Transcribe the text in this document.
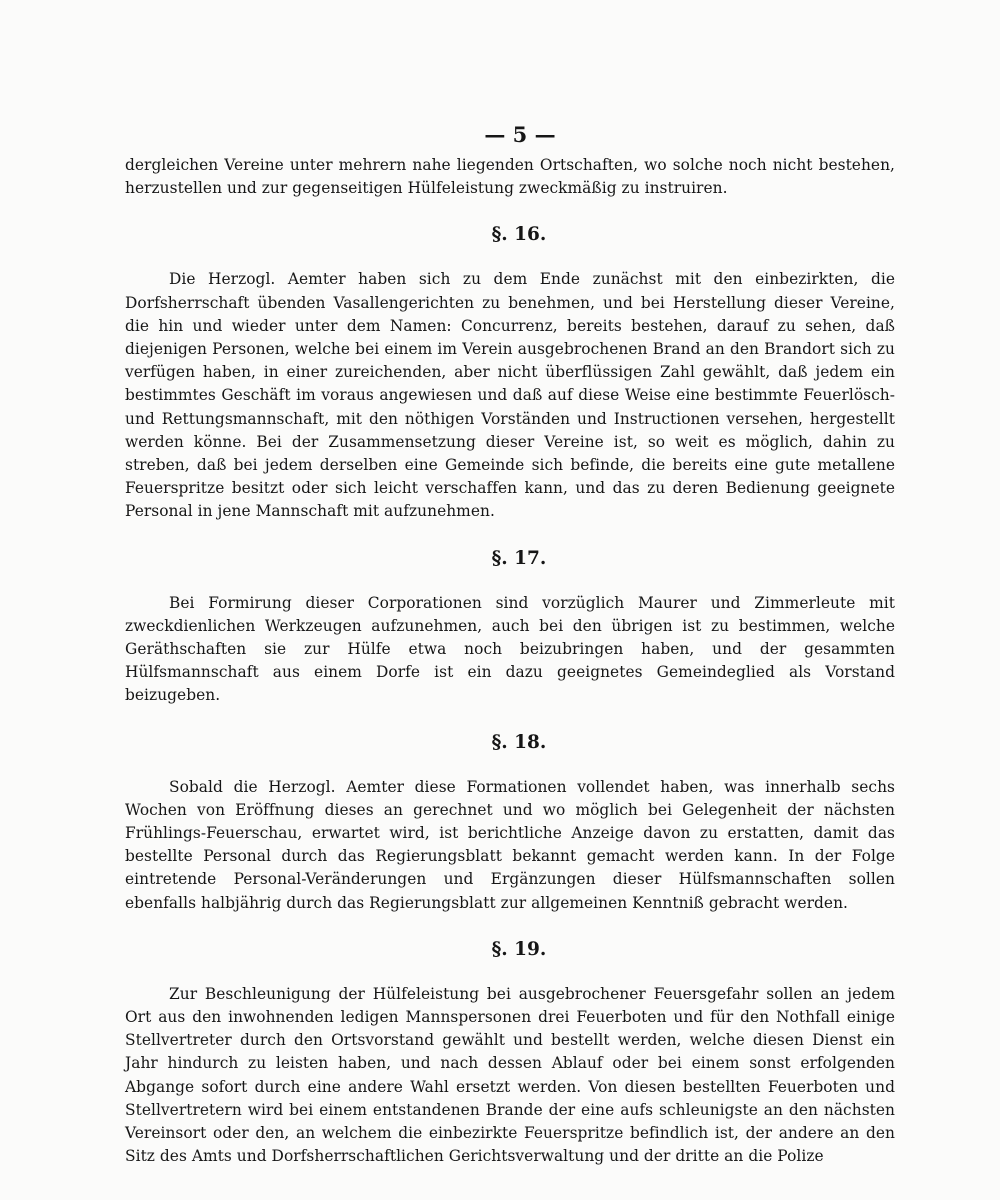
— 5 —

dergleichen Vereine unter mehrern nahe liegenden Ortschaften, wo solche noch nicht bestehen, herzustellen und zur gegenseitigen Hülfeleistung zweckmäßig zu instruiren.

§. 16.

Die Herzogl. Aemter haben sich zu dem Ende zunächst mit den einbezirkten, die Dorfsherrschaft übenden Vasallengerichten zu benehmen, und bei Herstellung dieser Vereine, die hin und wieder unter dem Namen: Concurrenz, bereits bestehen, darauf zu sehen, daß diejenigen Personen, welche bei einem im Verein ausgebrochenen Brand an den Brandort sich zu verfügen haben, in einer zureichenden, aber nicht überflüssigen Zahl gewählt, daß jedem ein bestimmtes Geschäft im voraus angewiesen und daß auf diese Weise eine bestimmte Feuerlösch- und Rettungsmannschaft, mit den nöthigen Vorständen und Instructionen versehen, hergestellt werden könne. Bei der Zusammensetzung dieser Vereine ist, so weit es möglich, dahin zu streben, daß bei jedem derselben eine Gemeinde sich befinde, die bereits eine gute metallene Feuerspritze besitzt oder sich leicht verschaffen kann, und das zu deren Bedienung geeignete Personal in jene Mannschaft mit aufzunehmen.

§. 17.

Bei Formirung dieser Corporationen sind vorzüglich Maurer und Zimmerleute mit zweckdienlichen Werkzeugen aufzunehmen, auch bei den übrigen ist zu bestimmen, welche Geräthschaften sie zur Hülfe etwa noch beizubringen haben, und der gesammten Hülfsmannschaft aus einem Dorfe ist ein dazu geeignetes Gemeindeglied als Vorstand beizugeben.

§. 18.

Sobald die Herzogl. Aemter diese Formationen vollendet haben, was innerhalb sechs Wochen von Eröffnung dieses an gerechnet und wo möglich bei Gelegenheit der nächsten Frühlings-Feuerschau, erwartet wird, ist berichtliche Anzeige davon zu erstatten, damit das bestellte Personal durch das Regierungsblatt bekannt gemacht werden kann. In der Folge eintretende Personal-Veränderungen und Ergänzungen dieser Hülfsmannschaften sollen ebenfalls halbjährig durch das Regierungsblatt zur allgemeinen Kenntniß gebracht werden.

§. 19.

Zur Beschleunigung der Hülfeleistung bei ausgebrochener Feuersgefahr sollen an jedem Ort aus den inwohnenden ledigen Mannspersonen drei Feuerboten und für den Nothfall einige Stellvertreter durch den Ortsvorstand gewählt und bestellt werden, welche diesen Dienst ein Jahr hindurch zu leisten haben, und nach dessen Ablauf oder bei einem sonst erfolgenden Abgange sofort durch eine andere Wahl ersetzt werden. Von diesen bestellten Feuerboten und Stellvertretern wird bei einem entstandenen Brande der eine aufs schleunigste an den nächsten Vereinsort oder den, an welchem die einbezirkte Feuerspritze befindlich ist, der andere an den Sitz des Amts und Dorfsherrschaftlichen Gerichtsverwaltung und der dritte an die Polize
